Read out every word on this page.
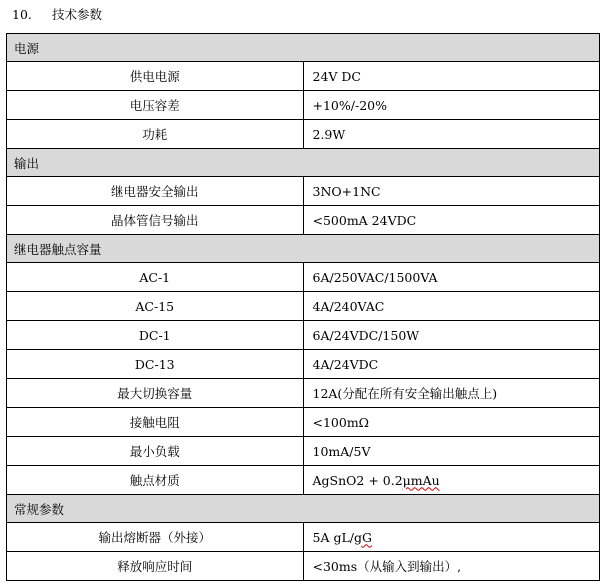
10. 技术参数
电源	
供电电源	24V DC
电压容差	+10%/-20%
功耗	2.9W
输出	
继电器安全输出	3NO+1NC
晶体管信号输出	<500mA 24VDC
继电器触点容量	
AC-1	6A/250VAC/1500VA
AC-15	4A/240VAC
DC-1	6A/24VDC/150W
DC-13	4A/24VDC
最大切换容量	12A(分配在所有安全输出触点上)
接触电阻	<100mΩ
最小负载	10mA/5V
触点材质	AgSnO2 + 0.2μmAu
常规参数	
输出熔断器（外接）	5A gL/gG
释放响应时间	<30ms（从输入到输出）,
